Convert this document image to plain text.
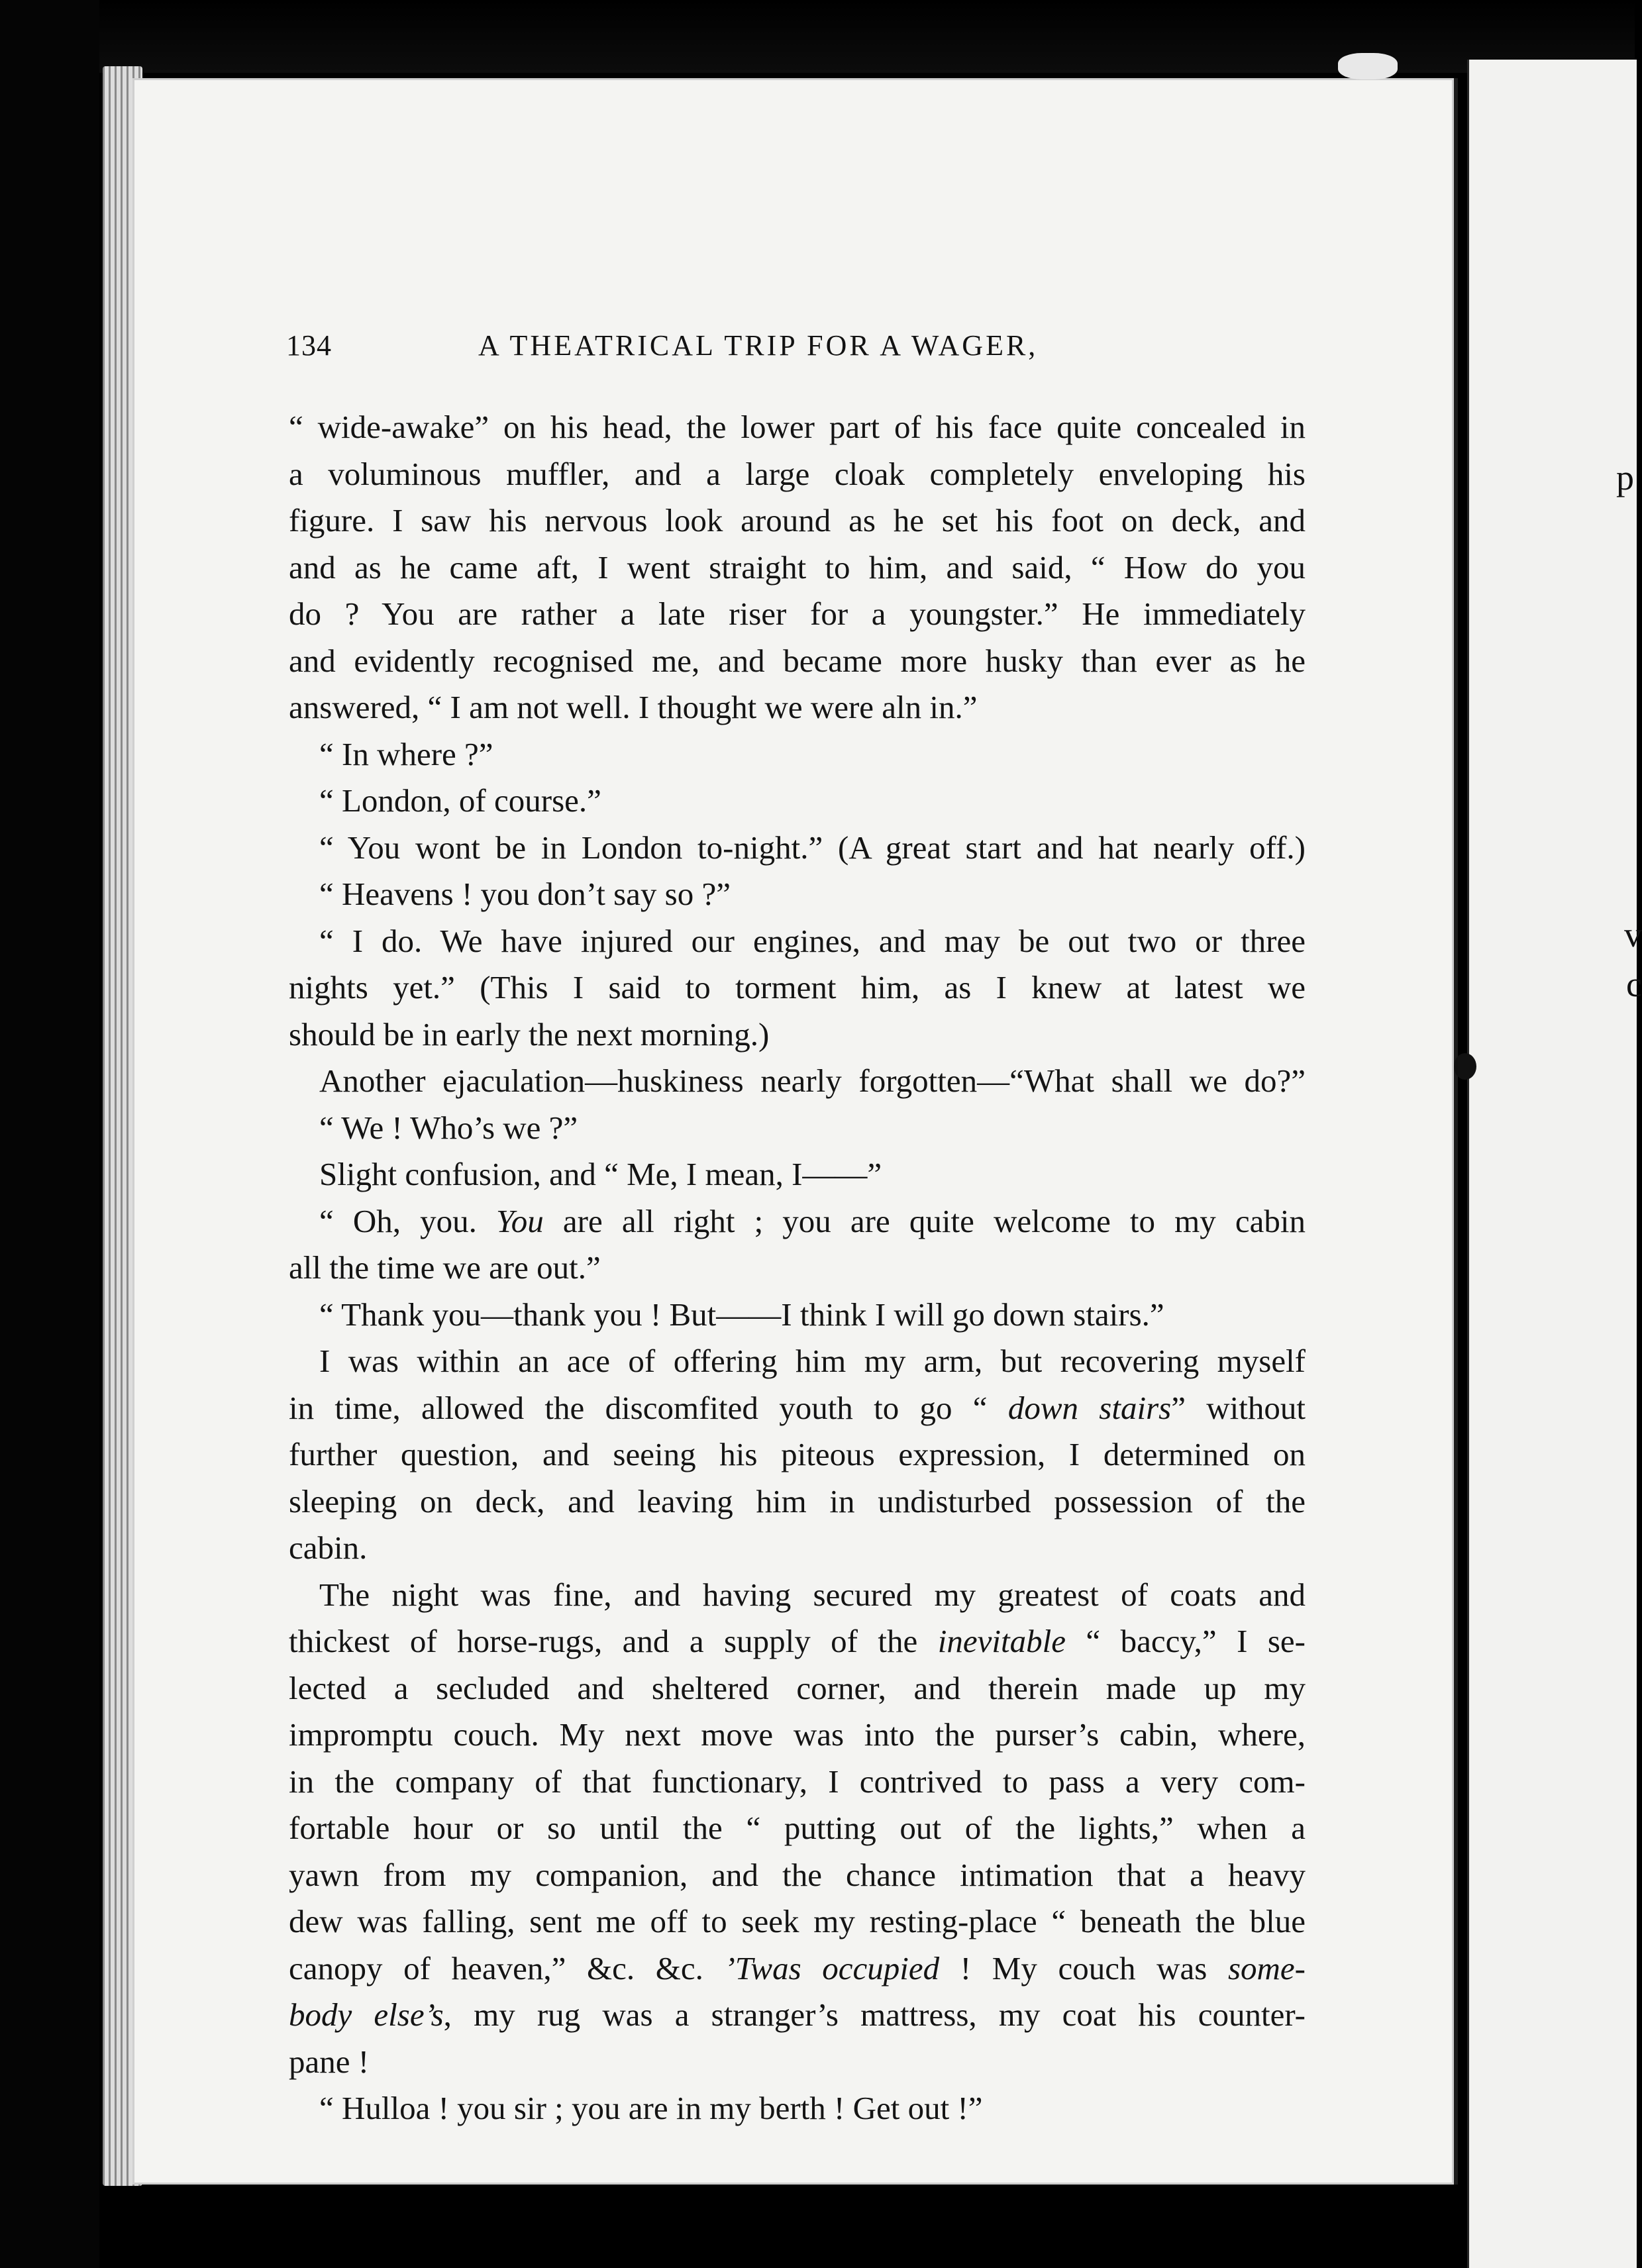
p
v
c
134	A THEATRICAL TRIP FOR A WAGER,
“ wide-awake” on his head, the lower part of his face quite concealed in
a voluminous muffler, and a large cloak completely enveloping his
figure. I saw his nervous look around as he set his foot on deck, and
and as he came aft, I went straight to him, and said, “ How do you
do ? You are rather a late riser for a youngster.” He immediately
and evidently recognised me, and became more husky than ever as he
answered, “ I am not well. I thought we were aln in.”
“ In where ?”
“ London, of course.”
“ You wont be in London to-night.” (A great start and hat nearly off.)
“ Heavens ! you don’t say so ?”
“ I do. We have injured our engines, and may be out two or three
nights yet.” (This I said to torment him, as I knew at latest we
should be in early the next morning.)
Another ejaculation—huskiness nearly forgotten—“What shall we do?”
“ We ! Who’s we ?”
Slight confusion, and “ Me, I mean, I——”
“ Oh, you. You are all right ; you are quite welcome to my cabin
all the time we are out.”
“ Thank you—thank you ! But——I think I will go down stairs.”
I was within an ace of offering him my arm, but recovering myself
in time, allowed the discomfited youth to go “ down stairs” without
further question, and seeing his piteous expression, I determined on
sleeping on deck, and leaving him in undisturbed possession of the
cabin.
The night was fine, and having secured my greatest of coats and
thickest of horse-rugs, and a supply of the inevitable “ baccy,” I se-
lected a secluded and sheltered corner, and therein made up my
impromptu couch. My next move was into the purser’s cabin, where,
in the company of that functionary, I contrived to pass a very com-
fortable hour or so until the “ putting out of the lights,” when a
yawn from my companion, and the chance intimation that a heavy
dew was falling, sent me off to seek my resting-place “ beneath the blue
canopy of heaven,” &c. &c. ’Twas occupied ! My couch was some-
body else’s, my rug was a stranger’s mattress, my coat his counter-
pane !
“ Hulloa ! you sir ; you are in my berth ! Get out !”
